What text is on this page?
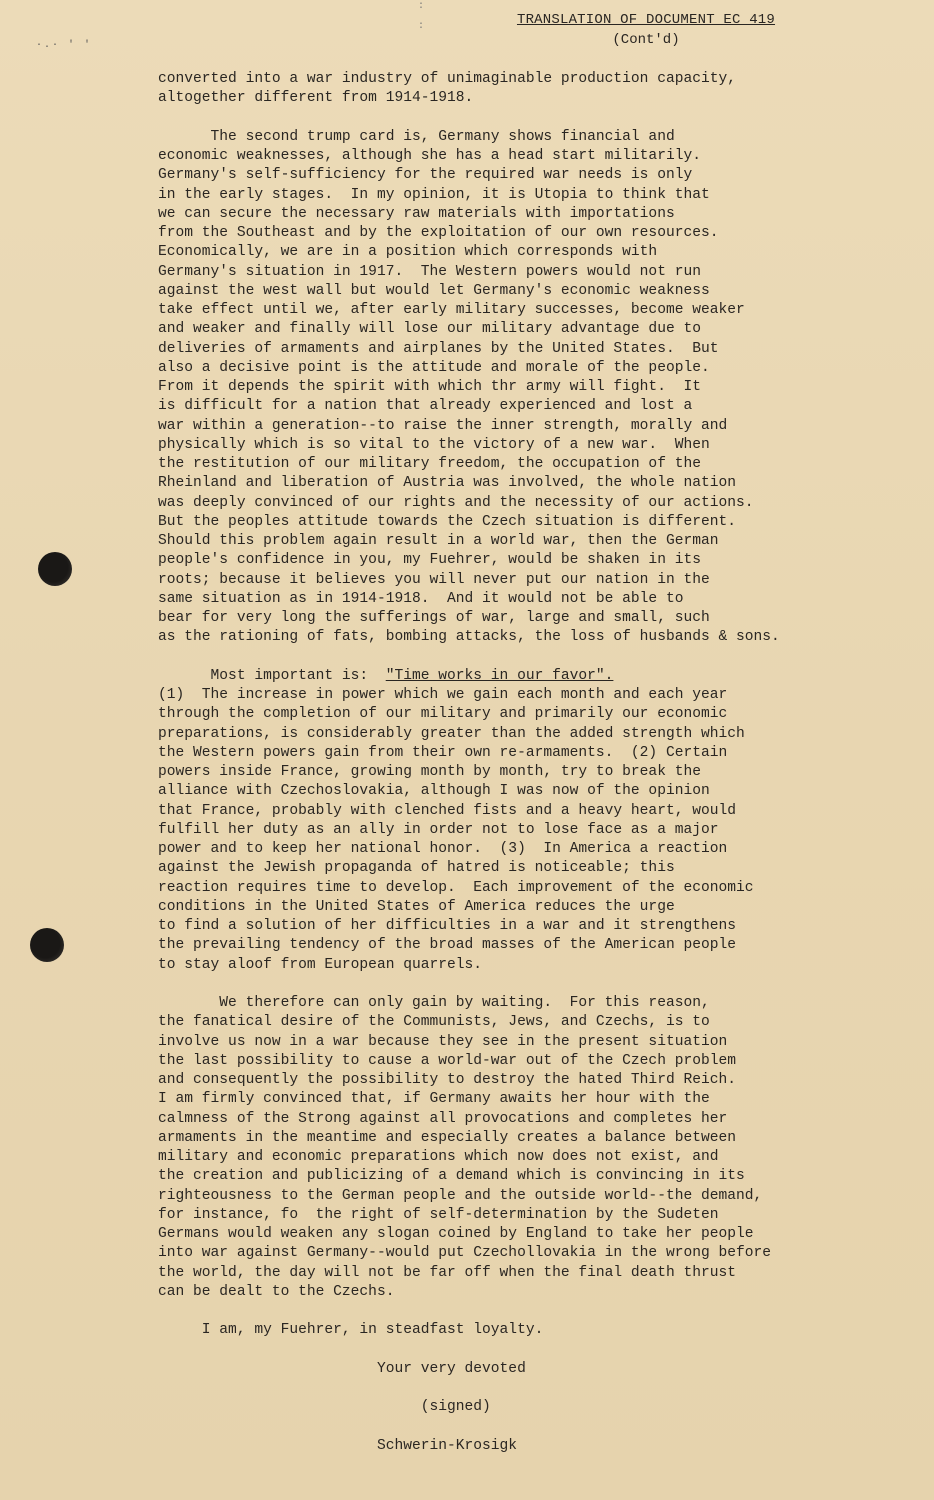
:

:
·.· ' '
TRANSLATION OF DOCUMENT EC 419
(Cont'd)
converted into a war industry of unimaginable production capacity,
altogether different from 1914-1918.
The second trump card is, Germany shows financial and
economic weaknesses, although she has a head start militarily.
Germany's self-sufficiency for the required war needs is only
in the early stages.  In my opinion, it is Utopia to think that
we can secure the necessary raw materials with importations
from the Southeast and by the exploitation of our own resources.
Economically, we are in a position which corresponds with
Germany's situation in 1917.  The Western powers would not run
against the west wall but would let Germany's economic weakness
take effect until we, after early military successes, become weaker
and weaker and finally will lose our military advantage due to
deliveries of armaments and airplanes by the United States.  But
also a decisive point is the attitude and morale of the people.
From it depends the spirit with which thr army will fight.  It
is difficult for a nation that already experienced and lost a
war within a generation--to raise the inner strength, morally and
physically which is so vital to the victory of a new war.  When
the restitution of our military freedom, the occupation of the
Rheinland and liberation of Austria was involved, the whole nation
was deeply convinced of our rights and the necessity of our actions.
But the peoples attitude towards the Czech situation is different.
Should this problem again result in a world war, then the German
people's confidence in you, my Fuehrer, would be shaken in its
roots; because it believes you will never put our nation in the
same situation as in 1914-1918.  And it would not be able to
bear for very long the sufferings of war, large and small, such
as the rationing of fats, bombing attacks, the loss of husbands & sons.
Most important is:  "Time works in our favor".
(1)  The increase in power which we gain each month and each year
through the completion of our military and primarily our economic
preparations, is considerably greater than the added strength which
the Western powers gain from their own re-armaments.  (2) Certain
powers inside France, growing month by month, try to break the
alliance with Czechoslovakia, although I was now of the opinion
that France, probably with clenched fists and a heavy heart, would
fulfill her duty as an ally in order not to lose face as a major
power and to keep her national honor.  (3)  In America a reaction
against the Jewish propaganda of hatred is noticeable; this
reaction requires time to develop.  Each improvement of the economic
conditions in the United States of America reduces the urge
to find a solution of her difficulties in a war and it strengthens
the prevailing tendency of the broad masses of the American people
to stay aloof from European quarrels.
We therefore can only gain by waiting.  For this reason,
the fanatical desire of the Communists, Jews, and Czechs, is to
involve us now in a war because they see in the present situation
the last possibility to cause a world-war out of the Czech problem
and consequently the possibility to destroy the hated Third Reich.
I am firmly convinced that, if Germany awaits her hour with the
calmness of the Strong against all provocations and completes her
armaments in the meantime and especially creates a balance between
military and economic preparations which now does not exist, and
the creation and publicizing of a demand which is convincing in its
righteousness to the German people and the outside world--the demand,
for instance, fo  the right of self-determination by the Sudeten
Germans would weaken any slogan coined by England to take her people
into war against Germany--would put Czechollovakia in the wrong before
the world, the day will not be far off when the final death thrust
can be dealt to the Czechs.
I am, my Fuehrer, in steadfast loyalty.
Your very devoted
(signed)
Schwerin-Krosigk
